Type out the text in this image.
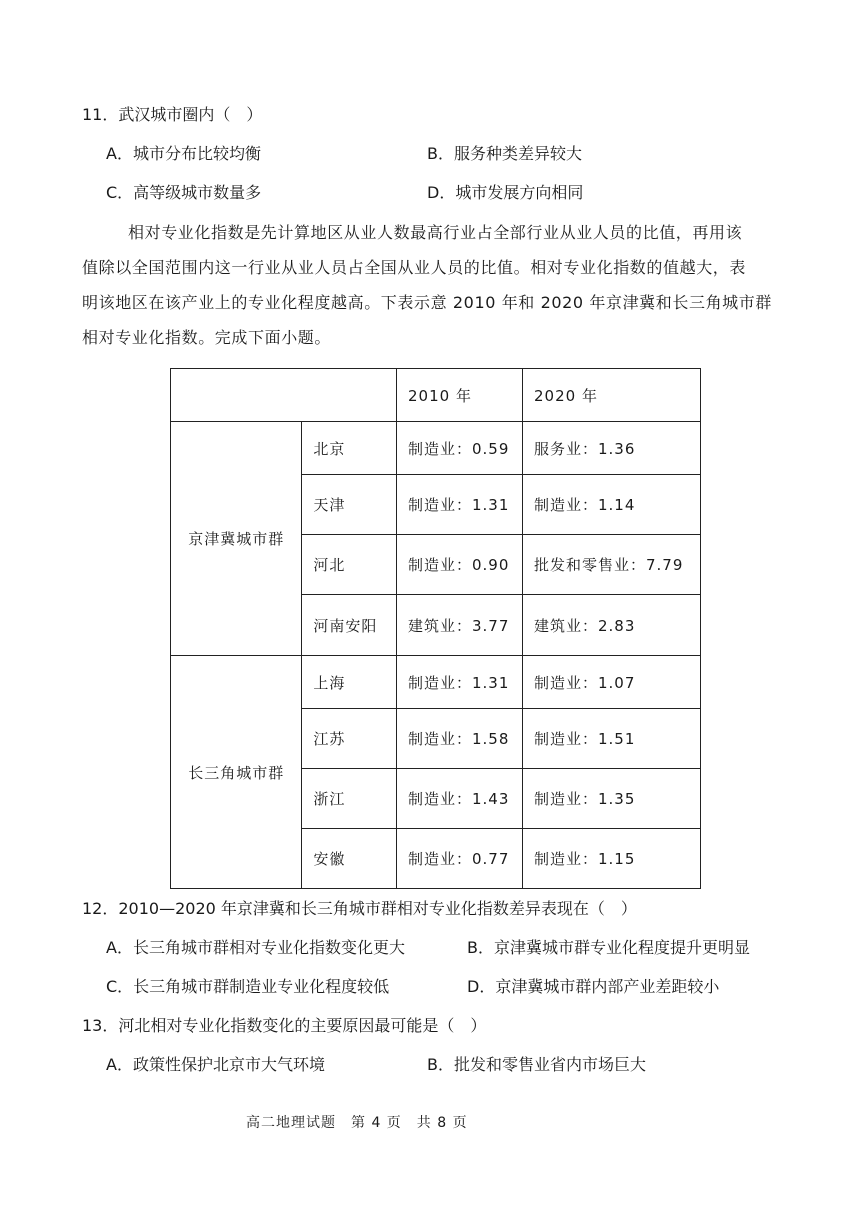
11．武汉城市圈内（　）
A．城市分布比较均衡	B．服务种类差异较大
C．高等级城市数量多	D．城市发展方向相同
相对专业化指数是先计算地区从业人数最高行业占全部行业从业人员的比值，再用该
值除以全国范围内这一行业从业人员占全国从业人员的比值。相对专业化指数的值越大，表
明该地区在该产业上的专业化程度越高。下表示意 2010 年和 2020 年京津冀和长三角城市群
相对专业化指数。完成下面小题。
		2010 年	2020 年
京津冀城市群	北京	制造业：0.59	服务业：1.36
	天津	制造业：1.31	制造业：1.14
	河北	制造业：0.90	批发和零售业：7.79
	河南安阳	建筑业：3.77	建筑业：2.83
长三角城市群	上海	制造业：1.31	制造业：1.07
	江苏	制造业：1.58	制造业：1.51
	浙江	制造业：1.43	制造业：1.35
	安徽	制造业：0.77	制造业：1.15
12．2010—2020 年京津冀和长三角城市群相对专业化指数差异表现在（　）
A．长三角城市群相对专业化指数变化更大	B．京津冀城市群专业化程度提升更明显
C．长三角城市群制造业专业化程度较低	D．京津冀城市群内部产业差距较小
13．河北相对专业化指数变化的主要原因最可能是（　）
A．政策性保护北京市大气环境	B．批发和零售业省内市场巨大
高二地理试题　第 4 页　共 8 页
